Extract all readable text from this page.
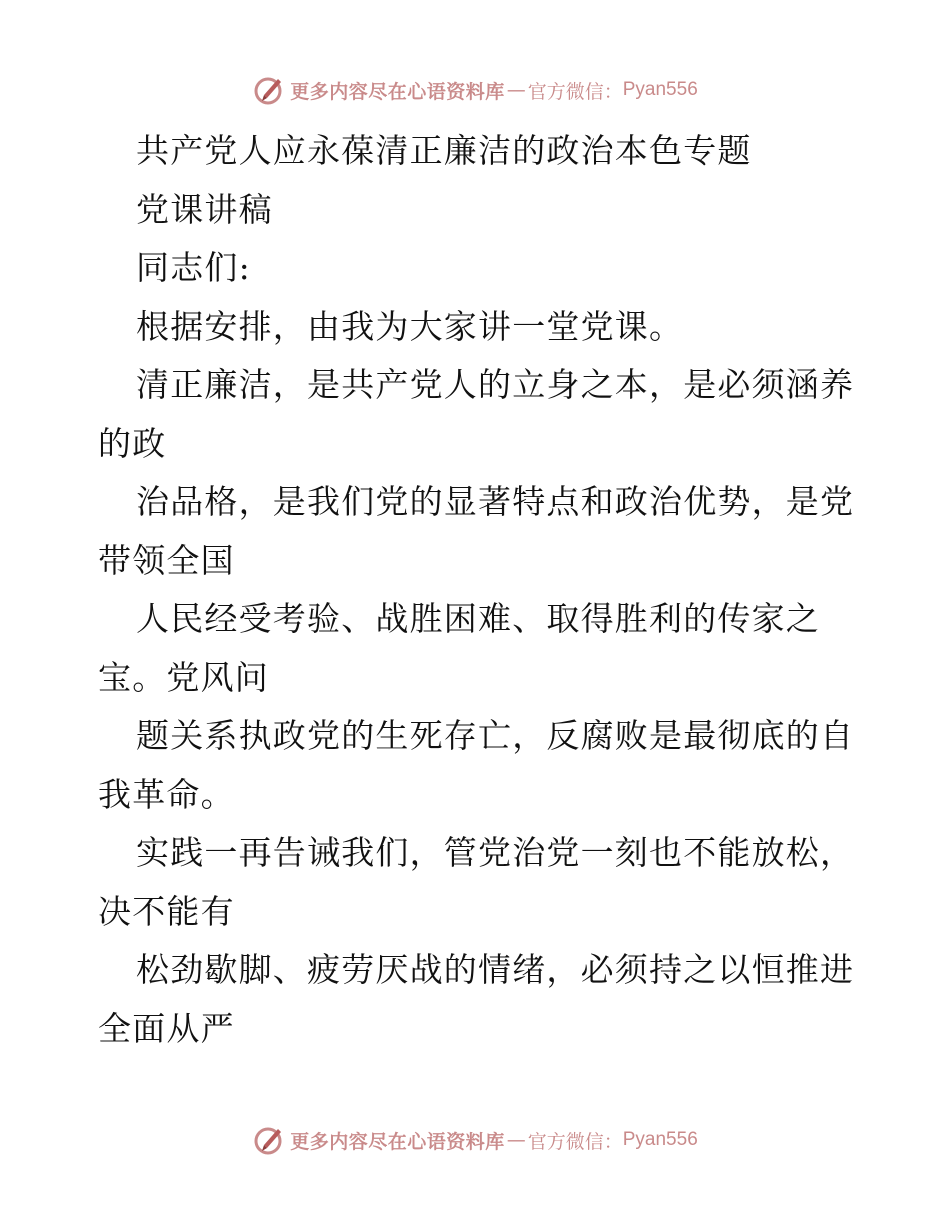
更多内容尽在心语资料库 — 官方微信： Pyan556
共产党人应永葆清正廉洁的政治本色专题
党课讲稿
同志们:
根据安排，由我为大家讲一堂党课。
清正廉洁，是共产党人的立身之本，是必须涵养
的政
治品格，是我们党的显著特点和政治优势，是党
带领全国
人民经受考验、战胜困难、取得胜利的传家之
宝。党风问
题关系执政党的生死存亡，反腐败是最彻底的自
我革命。
实践一再告诫我们，管党治党一刻也不能放松，
决不能有
松劲歇脚、疲劳厌战的情绪，必须持之以恒推进
全面从严
更多内容尽在心语资料库 — 官方微信： Pyan556
